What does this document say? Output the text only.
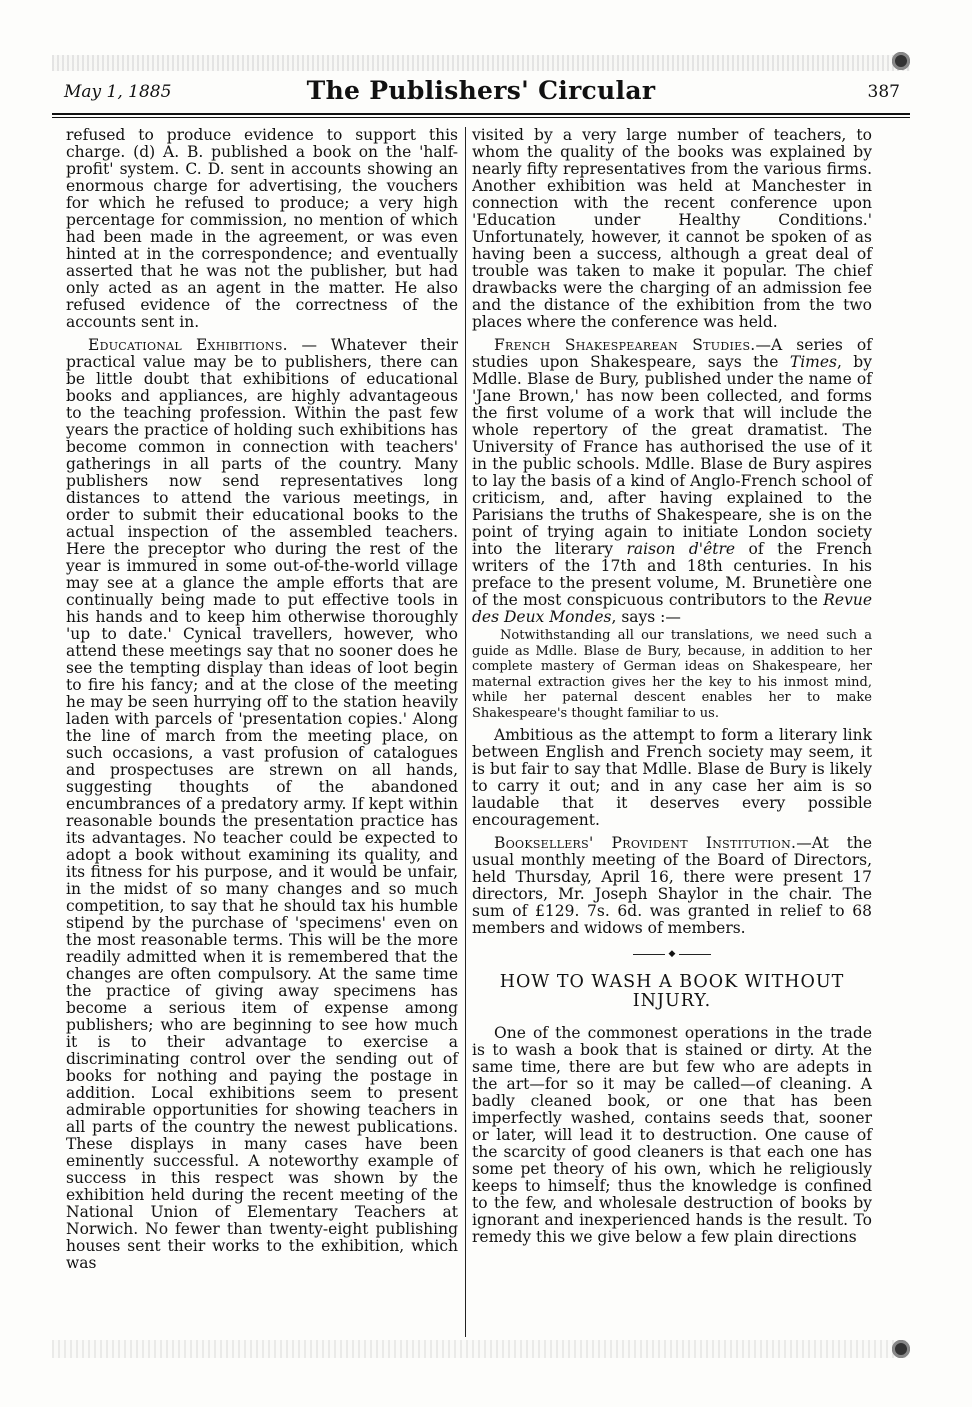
May 1, 1885	The Publishers' Circular	387

refused to produce evidence to support this charge. (d) A. B. published a book on the 'half-profit' system. C. D. sent in accounts showing an enormous charge for advertising, the vouchers for which he refused to produce; a very high percentage for commission, no mention of which had been made in the agreement, or was even hinted at in the correspondence; and eventually asserted that he was not the publisher, but had only acted as an agent in the matter. He also refused evidence of the correctness of the accounts sent in.

Educational Exhibitions. — Whatever their practical value may be to publishers, there can be little doubt that exhibitions of educational books and appliances, are highly advantageous to the teaching profession. Within the past few years the practice of holding such exhibitions has become common in connection with teachers' gatherings in all parts of the country. Many publishers now send representatives long distances to attend the various meetings, in order to submit their educational books to the actual inspection of the assembled teachers. Here the preceptor who during the rest of the year is immured in some out-of-the-world village may see at a glance the ample efforts that are continually being made to put effective tools in his hands and to keep him otherwise thoroughly 'up to date.' Cynical travellers, however, who attend these meetings say that no sooner does he see the tempting display than ideas of loot begin to fire his fancy; and at the close of the meeting he may be seen hurrying off to the station heavily laden with parcels of 'presentation copies.' Along the line of march from the meeting place, on such occasions, a vast profusion of catalogues and prospectuses are strewn on all hands, suggesting thoughts of the abandoned encumbrances of a predatory army. If kept within reasonable bounds the presentation practice has its advantages. No teacher could be expected to adopt a book without examining its quality, and its fitness for his purpose, and it would be unfair, in the midst of so many changes and so much competition, to say that he should tax his humble stipend by the purchase of 'specimens' even on the most reasonable terms. This will be the more readily admitted when it is remembered that the changes are often compulsory. At the same time the practice of giving away specimens has become a serious item of expense among publishers; who are beginning to see how much it is to their advantage to exercise a discriminating control over the sending out of books for nothing and paying the postage in addition. Local exhibitions seem to present admirable opportunities for showing teachers in all parts of the country the newest publications. These displays in many cases have been eminently successful. A noteworthy example of success in this respect was shown by the exhibition held during the recent meeting of the National Union of Elementary Teachers at Norwich. No fewer than twenty-eight publishing houses sent their works to the exhibition, which was

visited by a very large number of teachers, to whom the quality of the books was explained by nearly fifty representatives from the various firms. Another exhibition was held at Manchester in connection with the recent conference upon 'Education under Healthy Conditions.' Unfortunately, however, it cannot be spoken of as having been a success, although a great deal of trouble was taken to make it popular. The chief drawbacks were the charging of an admission fee and the distance of the exhibition from the two places where the conference was held.

French Shakespearean Studies.—A series of studies upon Shakespeare, says the Times, by Mdlle. Blase de Bury, published under the name of 'Jane Brown,' has now been collected, and forms the first volume of a work that will include the whole repertory of the great dramatist. The University of France has authorised the use of it in the public schools. Mdlle. Blase de Bury aspires to lay the basis of a kind of Anglo-French school of criticism, and, after having explained to the Parisians the truths of Shakespeare, she is on the point of trying again to initiate London society into the literary raison d'être of the French writers of the 17th and 18th centuries. In his preface to the present volume, M. Brunetière one of the most conspicuous contributors to the Revue des Deux Mondes, says :—

Notwithstanding all our translations, we need such a guide as Mdlle. Blase de Bury, because, in addition to her complete mastery of German ideas on Shakespeare, her maternal extraction gives her the key to his inmost mind, while her paternal descent enables her to make Shakespeare's thought familiar to us.

Ambitious as the attempt to form a literary link between English and French society may seem, it is but fair to say that Mdlle. Blase de Bury is likely to carry it out; and in any case her aim is so laudable that it deserves every possible encouragement.

Booksellers' Provident Institution.—At the usual monthly meeting of the Board of Directors, held Thursday, April 16, there were present 17 directors, Mr. Joseph Shaylor in the chair. The sum of £129. 7s. 6d. was granted in relief to 68 members and widows of members.

◆
HOW TO WASH A BOOK WITHOUT INJURY.

One of the commonest operations in the trade is to wash a book that is stained or dirty. At the same time, there are but few who are adepts in the art—for so it may be called—of cleaning. A badly cleaned book, or one that has been imperfectly washed, contains seeds that, sooner or later, will lead it to destruction. One cause of the scarcity of good cleaners is that each one has some pet theory of his own, which he religiously keeps to himself; thus the knowledge is confined to the few, and wholesale destruction of books by ignorant and inexperienced hands is the result. To remedy this we give below a few plain directions
